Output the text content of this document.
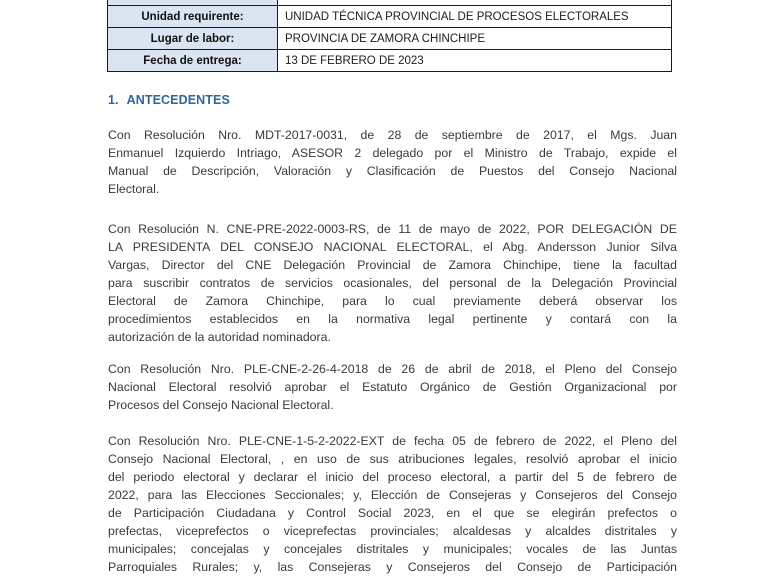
Unidad requirente:	UNIDAD TÉCNICA PROVINCIAL DE PROCESOS ELECTORALES
Lugar de labor:	PROVINCIA DE ZAMORA CHINCHIPE
Fecha de entrega:	13 DE FEBRERO DE 2023
1. ANTECEDENTES
Con Resolución Nro. MDT-2017-0031, de 28 de septiembre de 2017, el Mgs. Juan
Enmanuel Izquierdo Intriago, ASESOR 2 delegado por el Ministro de Trabajo, expide el
Manual de Descripción, Valoración y Clasificación de Puestos del Consejo Nacional
Electoral.
Con Resolución N. CNE-PRE-2022-0003-RS, de 11 de mayo de 2022, POR DELEGACIÓN DE
LA PRESIDENTA DEL CONSEJO NACIONAL ELECTORAL, el Abg. Andersson Junior Silva
Vargas, Director del CNE Delegación Provincial de Zamora Chinchipe, tiene la facultad
para suscribir contratos de servicios ocasionales, del personal de la Delegación Provincial
Electoral de Zamora Chinchipe, para lo cual previamente deberá observar los
procedimientos establecidos en la normativa legal pertinente y contará con la
autorización de la autoridad nominadora.
Con Resolución Nro. PLE-CNE-2-26-4-2018 de 26 de abril de 2018, el Pleno del Consejo
Nacional Electoral resolvió aprobar el Estatuto Orgánico de Gestión Organizacional por
Procesos del Consejo Nacional Electoral.
Con Resolución Nro. PLE-CNE-1-5-2-2022-EXT de fecha 05 de febrero de 2022, el Pleno del
Consejo Nacional Electoral, , en uso de sus atribuciones legales, resolvió aprobar el inicio
del periodo electoral y declarar el inicio del proceso electoral, a partir del 5 de febrero de
2022, para las Elecciones Seccionales; y, Elección de Consejeras y Consejeros del Consejo
de Participación Ciudadana y Control Social 2023, en el que se elegirán prefectos o
prefectas, viceprefectos o viceprefectas provinciales; alcaldesas y alcaldes distritales y
municipales; concejalas y concejales distritales y municipales; vocales de las Juntas
Parroquiales Rurales; y, las Consejeras y Consejeros del Consejo de Participación
